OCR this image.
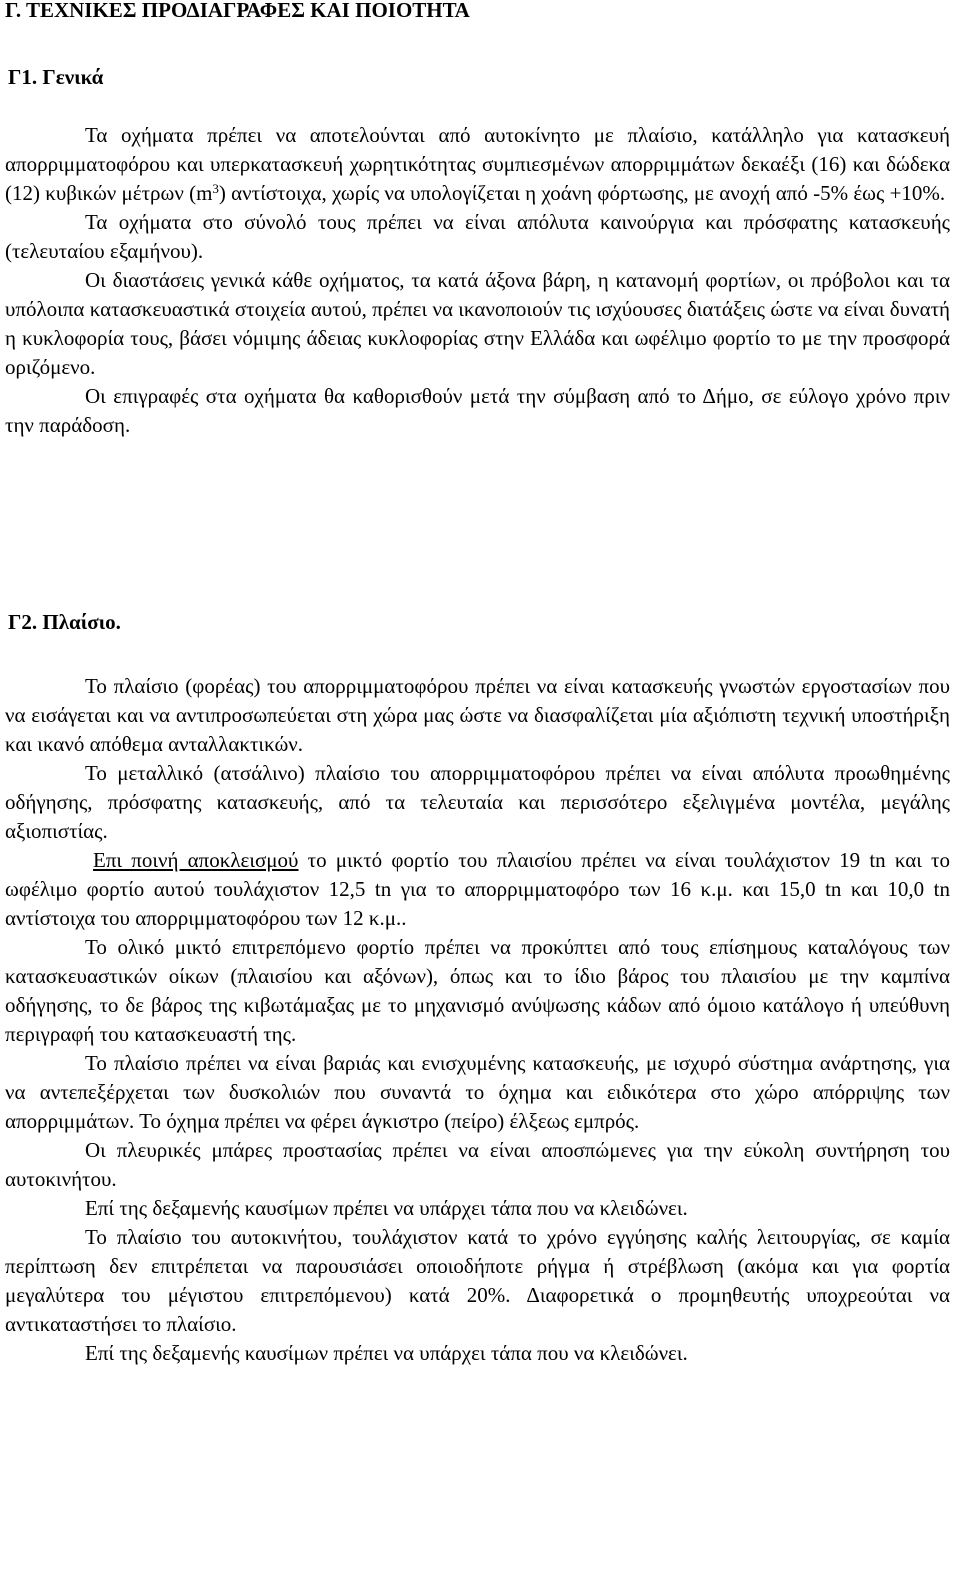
Γ. ΤΕΧΝΙΚΕΣ ΠΡΟΔΙΑΓΡΑΦΕΣ ΚΑΙ ΠΟΙΟΤΗΤΑ
Γ1. Γενικά

Τα οχήματα πρέπει να αποτελούνται από αυτοκίνητο με πλαίσιο, κατάλληλο για κατασκευή απορριμματοφόρου και υπερκατασκευή χωρητικότητας συμπιεσμένων απορριμμάτων δεκαέξι (16) και δώδεκα (12) κυβικών μέτρων $(m^3)$ αντίστοιχα, χωρίς να υπολογίζεται η χοάνη φόρτωσης, με ανοχή από -5% έως +10%.

Τα οχήματα στο σύνολό τους πρέπει να είναι απόλυτα καινούργια και πρόσφατης κατασκευής (τελευταίου εξαμήνου).

Οι διαστάσεις γενικά κάθε οχήματος, τα κατά άξονα βάρη, η κατανομή φορτίων, οι πρόβολοι και τα υπόλοιπα κατασκευαστικά στοιχεία αυτού, πρέπει να ικανοποιούν τις ισχύουσες διατάξεις ώστε να είναι δυνατή η κυκλοφορία τους, βάσει νόμιμης άδειας κυκλοφορίας στην Ελλάδα και ωφέλιμο φορτίο το με την προσφορά οριζόμενο.

Οι επιγραφές στα οχήματα θα καθορισθούν μετά την σύμβαση από το Δήμο, σε εύλογο χρόνο πριν την παράδοση.

Γ2. Πλαίσιο.

Το πλαίσιο (φορέας) του απορριμματοφόρου πρέπει να είναι κατασκευής γνωστών εργοστασίων που να εισάγεται και να αντιπροσωπεύεται στη χώρα μας ώστε να διασφαλίζεται μία αξιόπιστη τεχνική υποστήριξη και ικανό απόθεμα ανταλλακτικών.

Το μεταλλικό (ατσάλινο) πλαίσιο του απορριμματοφόρου πρέπει να είναι απόλυτα προωθημένης οδήγησης, πρόσφατης κατασκευής, από τα τελευταία και περισσότερο εξελιγμένα μοντέλα, μεγάλης αξιοπιστίας.

Επι ποινή αποκλεισμού το μικτό φορτίο του πλαισίου πρέπει να είναι τουλάχιστον 19 tn και το ωφέλιμο φορτίο αυτού τουλάχιστον 12,5 tn για το απορριμματοφόρο των 16 κ.μ. και 15,0 tn και 10,0 tn αντίστοιχα του απορριμματοφόρου των 12 κ.μ..

Το ολικό μικτό επιτρεπόμενο φορτίο πρέπει να προκύπτει από τους επίσημους καταλόγους των κατασκευαστικών οίκων (πλαισίου και αξόνων), όπως και το ίδιο βάρος του πλαισίου με την καμπίνα οδήγησης, το δε βάρος της κιβωτάμαξας με το μηχανισμό ανύψωσης κάδων από όμοιο κατάλογο ή υπεύθυνη περιγραφή του κατασκευαστή της.

Το πλαίσιο πρέπει να είναι βαριάς και ενισχυμένης κατασκευής, με ισχυρό σύστημα ανάρτησης, για να αντεπεξέρχεται των δυσκολιών που συναντά το όχημα και ειδικότερα στο χώρο απόρριψης των απορριμμάτων. Το όχημα πρέπει να φέρει άγκιστρο (πείρο) έλξεως εμπρός.

Οι πλευρικές μπάρες προστασίας πρέπει να είναι αποσπώμενες για την εύκολη συντήρηση του αυτοκινήτου.

Επί της δεξαμενής καυσίμων πρέπει να υπάρχει τάπα που να κλειδώνει.

Το πλαίσιο του αυτοκινήτου, τουλάχιστον κατά το χρόνο εγγύησης καλής λειτουργίας, σε καμία περίπτωση δεν επιτρέπεται να παρουσιάσει οποιοδήποτε ρήγμα ή στρέβλωση (ακόμα και για φορτία μεγαλύτερα του μέγιστου επιτρεπόμενου) κατά 20%. Διαφορετικά ο προμηθευτής υποχρεούται να αντικαταστήσει το πλαίσιο.

Επί της δεξαμενής καυσίμων πρέπει να υπάρχει τάπα που να κλειδώνει.
